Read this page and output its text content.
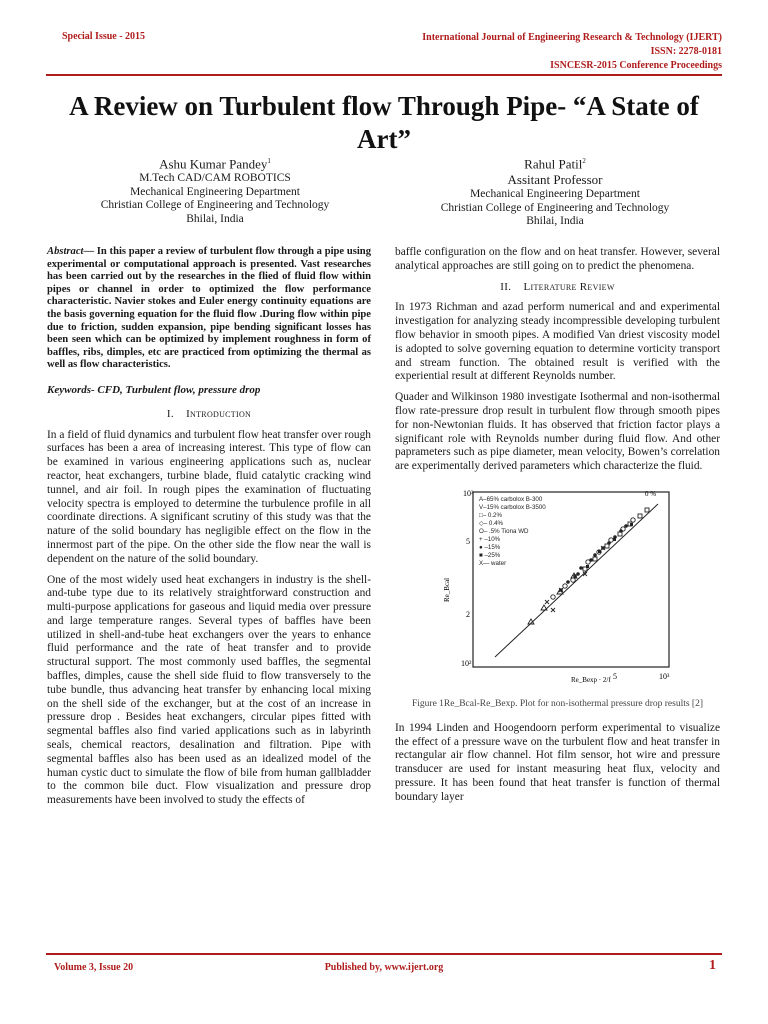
Special Issue - 2015	International Journal of Engineering Research & Technology (IJERT)
ISSN: 2278-0181
ISNCESR-2015 Conference Proceedings
A Review on Turbulent flow Through Pipe- “A State of Art”
Ashu Kumar Pandey$^1$
M.Tech CAD/CAM ROBOTICS
Mechanical Engineering Department
Christian College of Engineering and Technology
Bhilai, India
Rahul Patil$^2$
Assitant Professor
Mechanical Engineering Department
Christian College of Engineering and Technology
Bhilai, India

Abstract— In this paper a review of turbulent flow through a pipe using experimental or computational approach is presented. Vast researches has been carried out by the researches in the flied of fluid flow within pipes or channel in order to optimized the flow performance characteristic. Navier stokes and Euler energy continuity equations are the basis governing equation for the fluid flow .During flow within pipe due to friction, sudden expansion, pipe bending significant losses has been seen which can be optimized by implement roughness in form of baffles, ribs, dimples, etc are practiced from optimizing the thermal as well as flow characteristics.

Keywords- CFD, Turbulent flow, pressure drop

I. Introduction

In a field of fluid dynamics and turbulent flow heat transfer over rough surfaces has been a area of increasing interest. This type of flow can be examined in various engineering applications such as, nuclear reactor, heat exchangers, turbine blade, fluid catalytic cracking wind tunnel, and air foil. In rough pipes the examination of fluctuating velocity spectra is employed to determine the turbulence profile in all coordinate directions. A significant scrutiny of this study was that the nature of the solid boundary has negligible effect on the flow in the innermost part of the pipe. On the other side the flow near the wall is dependent on the nature of the solid boundary.

One of the most widely used heat exchangers in industry is the shell-and-tube type due to its relatively straightforward construction and multi-purpose applications for gaseous and liquid media over pressure and large temperature ranges. Several types of baffles have been utilized in shell-and-tube heat exchangers over the years to enhance fluid performance and the rate of heat transfer and to provide structural support. The most commonly used baffles, the segmental baffles, dimples, cause the shell side fluid to flow transversely to the tube bundle, thus advancing heat transfer by enhancing local mixing on the shell side of the exchanger, but at the cost of an increase in pressure drop . Besides heat exchangers, circular pipes fitted with segmental baffles also find varied applications such as in labyrinth seals, chemical reactors, desalination and filtration. Pipe with segmental baffles also has been used as an idealized model of the human cystic duct to simulate the flow of bile from human gallbladder to the common bile duct. Flow visualization and pressure drop measurements have been involved to study the effects of

baffle configuration on the flow and on heat transfer. However, several analytical approaches are still going on to predict the phenomena.

II. Literature Review

In 1973 Richman and azad perform numerical and and experimental investigation for analyzing steady incompressible developing turbulent flow behavior in smooth pipes. A modified Van driest viscosity model is adopted to solve governing equation to determine vorticity transport and stream function. The obtained result is verified with the experiential result at different Reynolds number.

Quader and Wilkinson 1980 investigate Isothermal and non-isothermal flow rate-pressure drop result in turbulent flow through smooth pipes for non-Newtonian fluids. It has observed that friction factor plays a significant role with Reynolds number during fluid flow. And other paprameters such as pipe diameter, mean velocity, Bowen’s correlation are experimentally derived parameters which characterize the fluid.

10³
5
2
10²
5	10³
Re_Bcal
Re_Bexp · 2/f
0 %
A–65% carbolox B-300
V–15% carbolox B-3500
□– 0.2%
◇– 0.4%
O– .5% Tiona WD
+ –10%
● –15%
■ –25%
X— water

Figure 1Re_Bcal-Re_Bexp. Plot for non-isothermal pressure drop results [2]

In 1994 Linden and Hoogendoorn perform experimental to visualize the effect of a pressure wave on the turbulent flow and heat transfer in rectangular air flow channel. Hot film sensor, hot wire and pressure transducer are used for instant measuring heat flux, velocity and pressure. It has been found that heat transfer is function of thermal boundary layer

Volume 3, Issue 20	Published by, www.ijert.org	1
